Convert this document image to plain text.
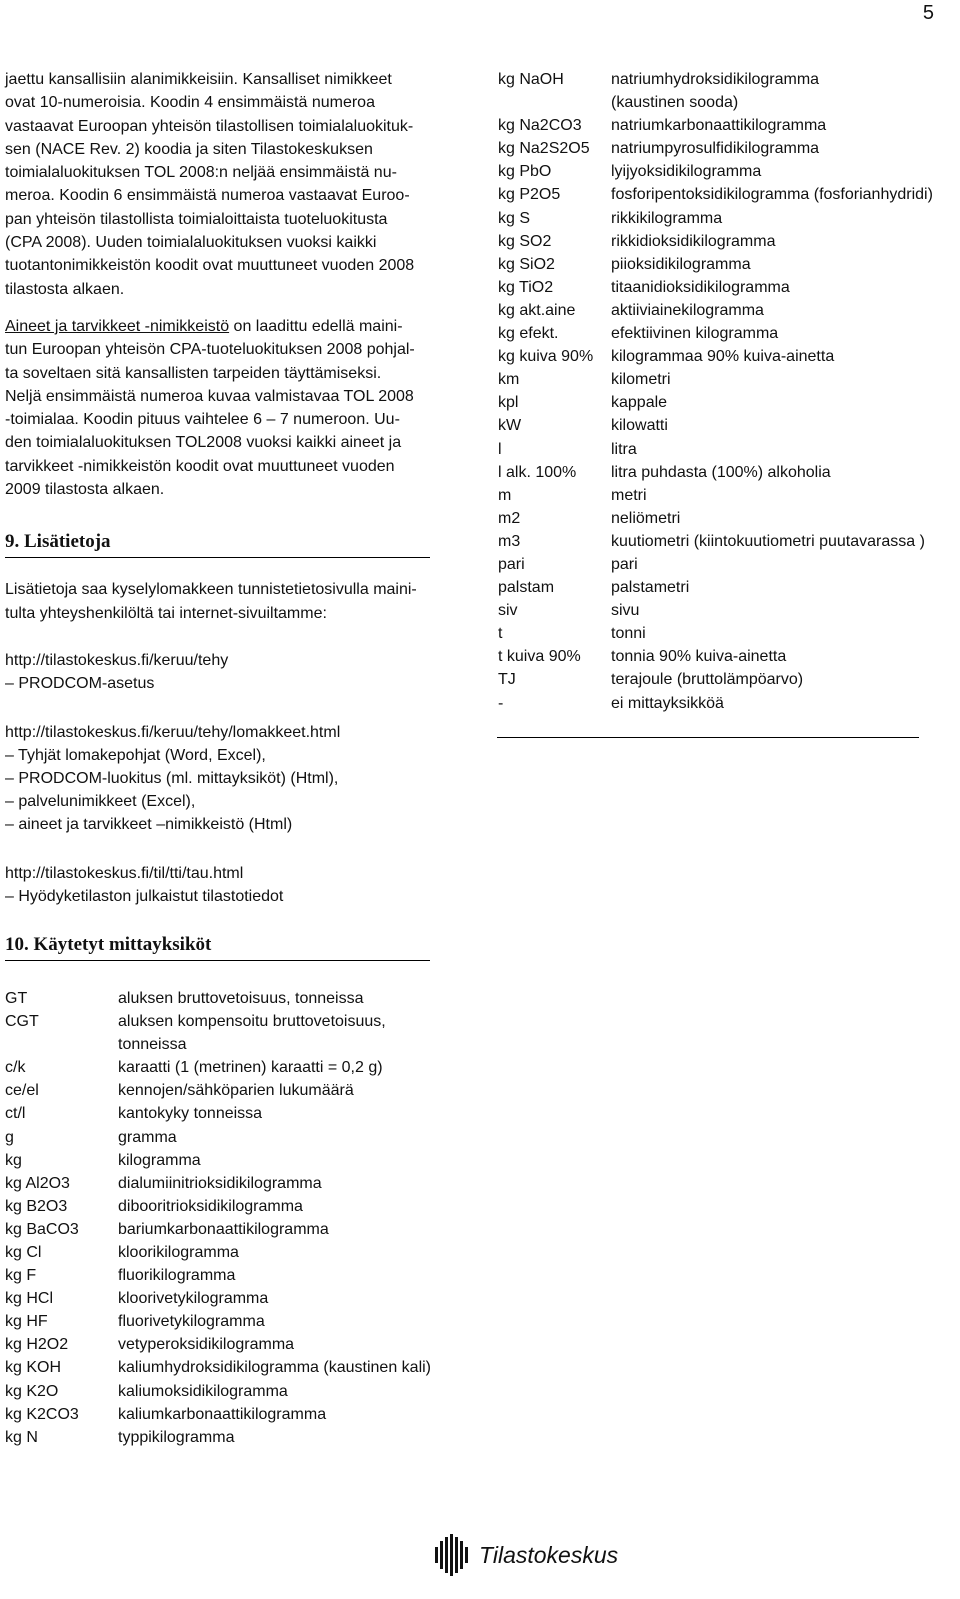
5
jaettu kansallisiin alanimikkeisiin. Kansalliset nimikkeet
ovat 10-numeroisia. Koodin 4 ensimmäistä numeroa
vastaavat Euroopan yhteisön tilastollisen toimialaluokituk-
sen (NACE Rev. 2) koodia ja siten Tilastokeskuksen
toimialaluokituksen TOL 2008:n neljää ensimmäistä nu-
meroa. Koodin 6 ensimmäistä numeroa vastaavat Euroo-
pan yhteisön tilastollista toimialoittaista tuoteluokitusta
(CPA 2008). Uuden toimialaluokituksen vuoksi kaikki
tuotantonimikkeistön koodit ovat muuttuneet vuoden 2008
tilastosta alkaen.
Aineet ja tarvikkeet -nimikkeistö on laadittu edellä maini-
tun Euroopan yhteisön CPA-tuoteluokituksen 2008 pohjal-
ta soveltaen sitä kansallisten tarpeiden täyttämiseksi.
Neljä ensimmäistä numeroa kuvaa valmistavaa TOL 2008
-toimialaa. Koodin pituus vaihtelee 6 – 7 numeroon. Uu-
den toimialaluokituksen TOL2008 vuoksi kaikki aineet ja
tarvikkeet -nimikkeistön koodit ovat muuttuneet vuoden
2009 tilastosta alkaen.
9. Lisätietoja
Lisätietoja saa kyselylomakkeen tunnistetietosivulla maini-
tulta yhteyshenkilöltä tai internet-sivuiltamme:
http://tilastokeskus.fi/keruu/tehy
– PRODCOM-asetus
http://tilastokeskus.fi/keruu/tehy/lomakkeet.html
– Tyhjät lomakepohjat (Word, Excel),
– PRODCOM-luokitus (ml. mittayksiköt) (Html),
– palvelunimikkeet (Excel),
– aineet ja tarvikkeet –nimikkeistö (Html)
http://tilastokeskus.fi/til/tti/tau.html
– Hyödyketilaston julkaistut tilastotiedot
10. Käytetyt mittayksiköt
GT	aluksen bruttovetoisuus, tonneissa
CGT	aluksen kompensoitu bruttovetoisuus,
tonneissa
c/k	karaatti (1 (metrinen) karaatti = 0,2 g)
ce/el	kennojen/sähköparien lukumäärä
ct/l	kantokyky tonneissa
g	gramma
kg	kilogramma
kg Al2O3	dialumiinitrioksidikilogramma
kg B2O3	dibooritrioksidikilogramma
kg BaCO3	bariumkarbonaattikilogramma
kg Cl	kloorikilogramma
kg F	fluorikilogramma
kg HCl	kloorivetykilogramma
kg HF	fluorivetykilogramma
kg H2O2	vetyperoksidikilogramma
kg KOH	kaliumhydroksidikilogramma (kaustinen kali)
kg K2O	kaliumoksidikilogramma
kg K2CO3	kaliumkarbonaattikilogramma
kg N	typpikilogramma
kg NaOH	natriumhydroksidikilogramma
(kaustinen sooda)
kg Na2CO3	natriumkarbonaattikilogramma
kg Na2S2O5	natriumpyrosulfidikilogramma
kg PbO	lyijyoksidikilogramma
kg P2O5	fosforipentoksidikilogramma (fosforianhydridi)
kg S	rikkikilogramma
kg SO2	rikkidioksidikilogramma
kg SiO2	piioksidikilogramma
kg TiO2	titaanidioksidikilogramma
kg akt.aine	aktiiviainekilogramma
kg efekt.	efektiivinen kilogramma
kg kuiva 90%	kilogrammaa 90% kuiva-ainetta
km	kilometri
kpl	kappale
kW	kilowatti
l	litra
l alk. 100%	litra puhdasta (100%) alkoholia
m	metri
m2	neliömetri
m3	kuutiometri (kiintokuutiometri puutavarassa )
pari	pari
palstam	palstametri
siv	sivu
t	tonni
t kuiva 90%	tonnia 90% kuiva-ainetta
TJ	terajoule (bruttolämpöarvo)
-	ei mittayksikköä
Tilastokeskus
